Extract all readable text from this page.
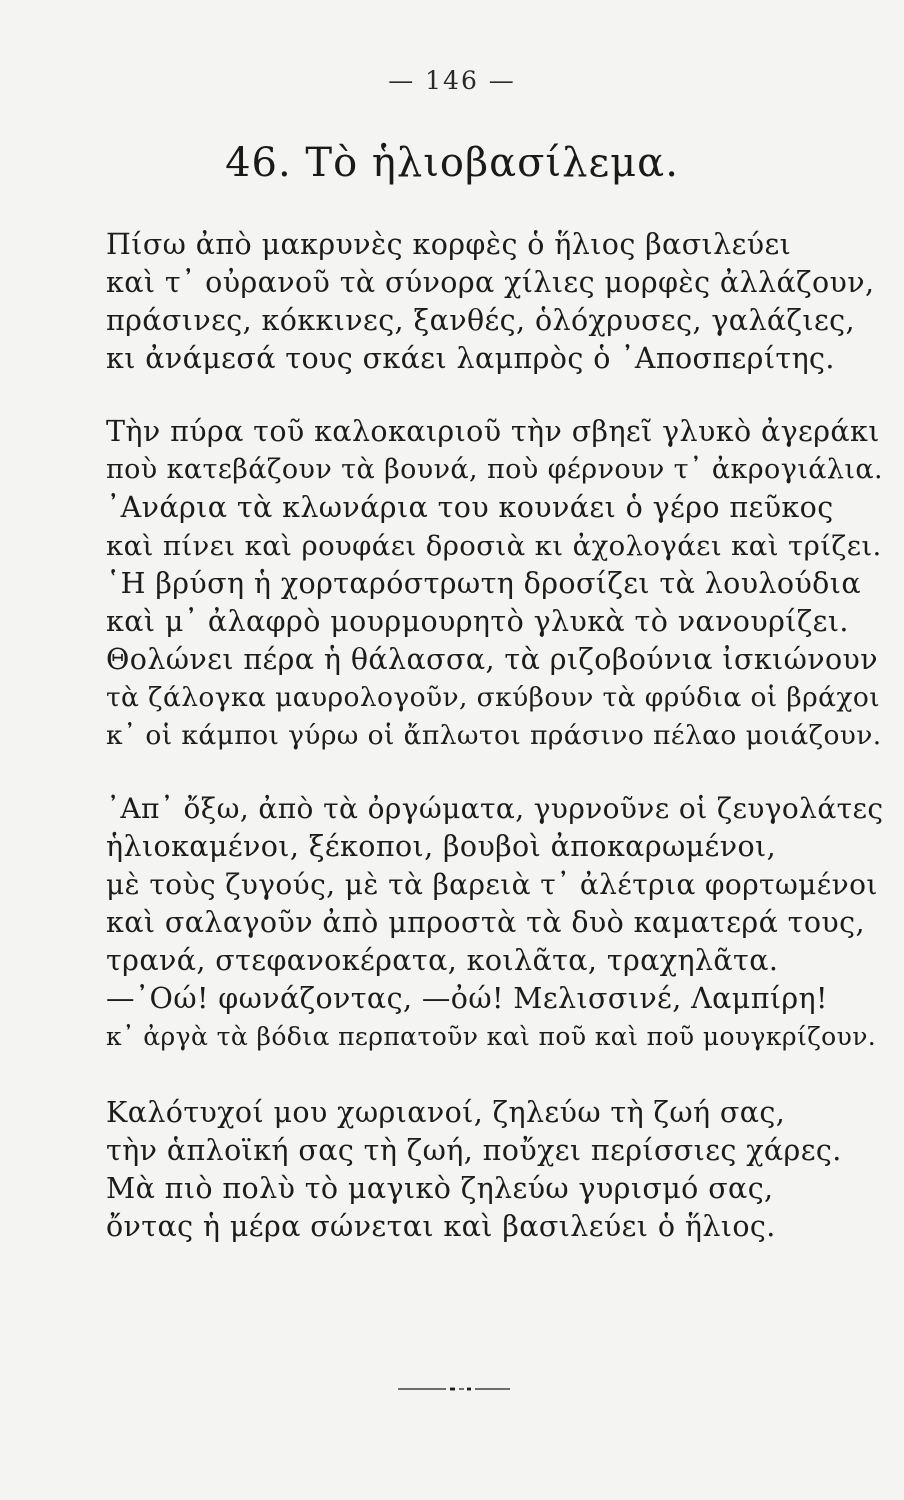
— 146 —
46. Τὸ ἡλιοβασίλεμα.
Πίσω ἀπὸ μακρυνὲς κορφὲς ὁ ἥλιος βασιλεύει
καὶ τ᾽ οὐρανοῦ τὰ σύνορα χίλιες μορφὲς ἀλλάζουν,
πράσινες, κόκκινες, ξανθές, ὁλόχρυσες, γαλάζιες,
κι ἀνάμεσά τους σκάει λαμπρὸς ὁ ᾽Αποσπερίτης.
Τὴν πύρα τοῦ καλοκαιριοῦ τὴν σβηεῖ γλυκὸ ἀγεράκι
ποὺ κατεβάζουν τὰ βουνά, ποὺ φέρνουν τ᾽ ἀκρογιάλια.
᾽Ανάρια τὰ κλωνάρια του κουνάει ὁ γέρο πεῦκος
καὶ πίνει καὶ ρουφάει δροσιὰ κι ἀχολογάει καὶ τρίζει.
῾Η βρύση ἡ χορταρόστρωτη δροσίζει τὰ λουλούδια
καὶ μ᾽ ἀλαφρὸ μουρμουρητὸ γλυκὰ τὸ νανουρίζει.
Θολώνει πέρα ἡ θάλασσα, τὰ ριζοβούνια ἰσκιώνουν
τὰ ζάλογκα μαυρολογοῦν, σκύβουν τὰ φρύδια οἱ βράχοι
κ᾽ οἱ κάμποι γύρω οἱ ἄπλωτοι πράσινο πέλαο μοιάζουν.
᾽Απ᾽ ὄξω, ἀπὸ τὰ ὀργώματα, γυρνοῦνε οἱ ζευγολάτες
ἡλιοκαμένοι, ξέκοποι, βουβοὶ ἀποκαρωμένοι,
μὲ τοὺς ζυγούς, μὲ τὰ βαρειὰ τ᾽ ἀλέτρια φορτωμένοι
καὶ σαλαγοῦν ἀπὸ μπροστὰ τὰ δυὸ καματερά τους,
τρανά, στεφανοκέρατα, κοιλᾶτα, τραχηλᾶτα.
—᾽Οώ! φωνάζοντας, —ὀώ! Μελισσινέ, Λαμπίρη!
κ᾽ ἀργὰ τὰ βόδια περπατοῦν καὶ ποῦ καὶ ποῦ μουγκρίζουν.
Καλότυχοί μου χωριανοί, ζηλεύω τὴ ζωή σας,
τὴν ἁπλοϊκή σας τὴ ζωή, ποὔχει περίσσιες χάρες.
Μὰ πιὸ πολὺ τὸ μαγικὸ ζηλεύω γυρισμό σας,
ὄντας ἡ μέρα σώνεται καὶ βασιλεύει ὁ ἥλιος.
